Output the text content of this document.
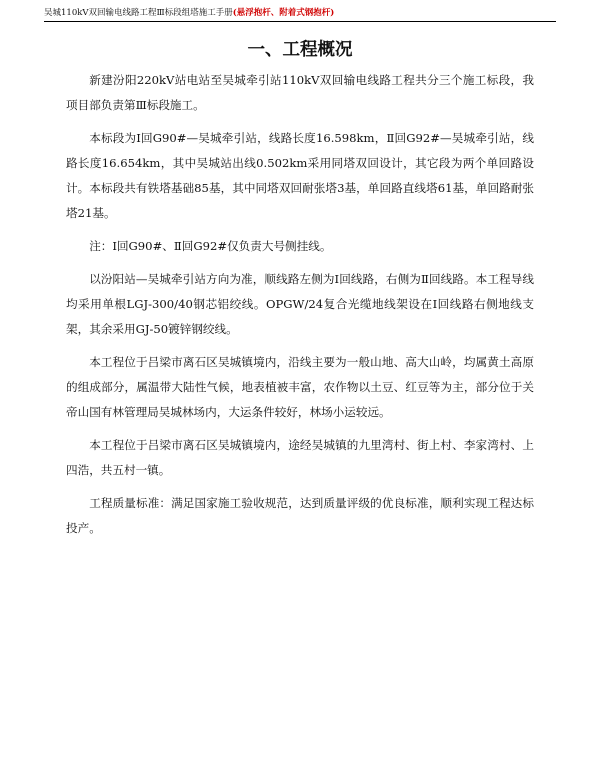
吴城110kV双回输电线路工程Ⅲ标段组塔施工手册(悬浮抱杆、附着式钢抱杆)
一、工程概况

新建汾阳220kV站电站至吴城牵引站110kV双回输电线路工程共分三个施工标段，我项目部负责第Ⅲ标段施工。

本标段为Ⅰ回G90#—吴城牵引站，线路长度16.598km，Ⅱ回G92#—吴城牵引站，线路长度16.654km，其中吴城站出线0.502km采用同塔双回设计，其它段为两个单回路设计。本标段共有铁塔基础85基，其中同塔双回耐张塔3基，单回路直线塔61基，单回路耐张塔21基。

注：Ⅰ回G90#、Ⅱ回G92#仅负责大号侧挂线。

以汾阳站—吴城牵引站方向为准，顺线路左侧为Ⅰ回线路，右侧为Ⅱ回线路。本工程导线均采用单根LGJ-300/40钢芯铝绞线。OPGW/24复合光缆地线架设在Ⅰ回线路右侧地线支架，其余采用GJ-50镀锌钢绞线。

本工程位于吕梁市离石区吴城镇境内，沿线主要为一般山地、高大山岭，均属黄土高原的组成部分，属温带大陆性气候，地表植被丰富，农作物以土豆、红豆等为主，部分位于关帝山国有林管理局吴城林场内，大运条件较好，林场小运较远。

本工程位于吕梁市离石区吴城镇境内，途经吴城镇的九里湾村、街上村、李家湾村、上四浩，共五村一镇。

工程质量标准：满足国家施工验收规范，达到质量评级的优良标准，顺利实现工程达标投产。
